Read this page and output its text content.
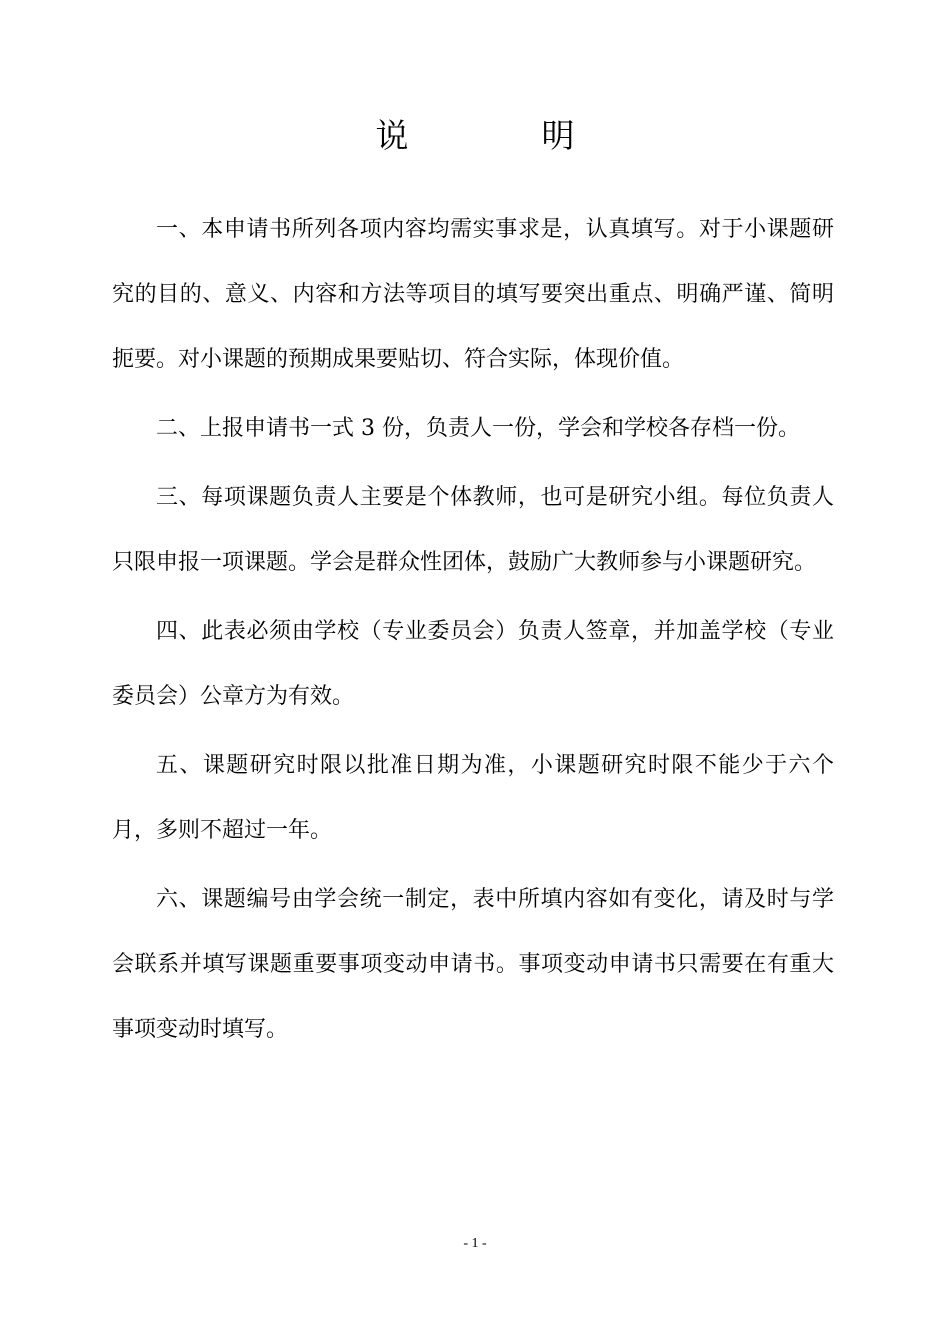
说　明

一、本申请书所列各项内容均需实事求是，认真填写。对于小课题研究的目的、意义、内容和方法等项目的填写要突出重点、明确严谨、简明扼要。对小课题的预期成果要贴切、符合实际，体现价值。

二、上报申请书一式 3 份，负责人一份，学会和学校各存档一份。

三、每项课题负责人主要是个体教师，也可是研究小组。每位负责人只限申报一项课题。学会是群众性团体，鼓励广大教师参与小课题研究。

四、此表必须由学校（专业委员会）负责人签章，并加盖学校（专业委员会）公章方为有效。

五、课题研究时限以批准日期为准，小课题研究时限不能少于六个月，多则不超过一年。

六、课题编号由学会统一制定，表中所填内容如有变化，请及时与学会联系并填写课题重要事项变动申请书。事项变动申请书只需要在有重大事项变动时填写。

- 1 -
